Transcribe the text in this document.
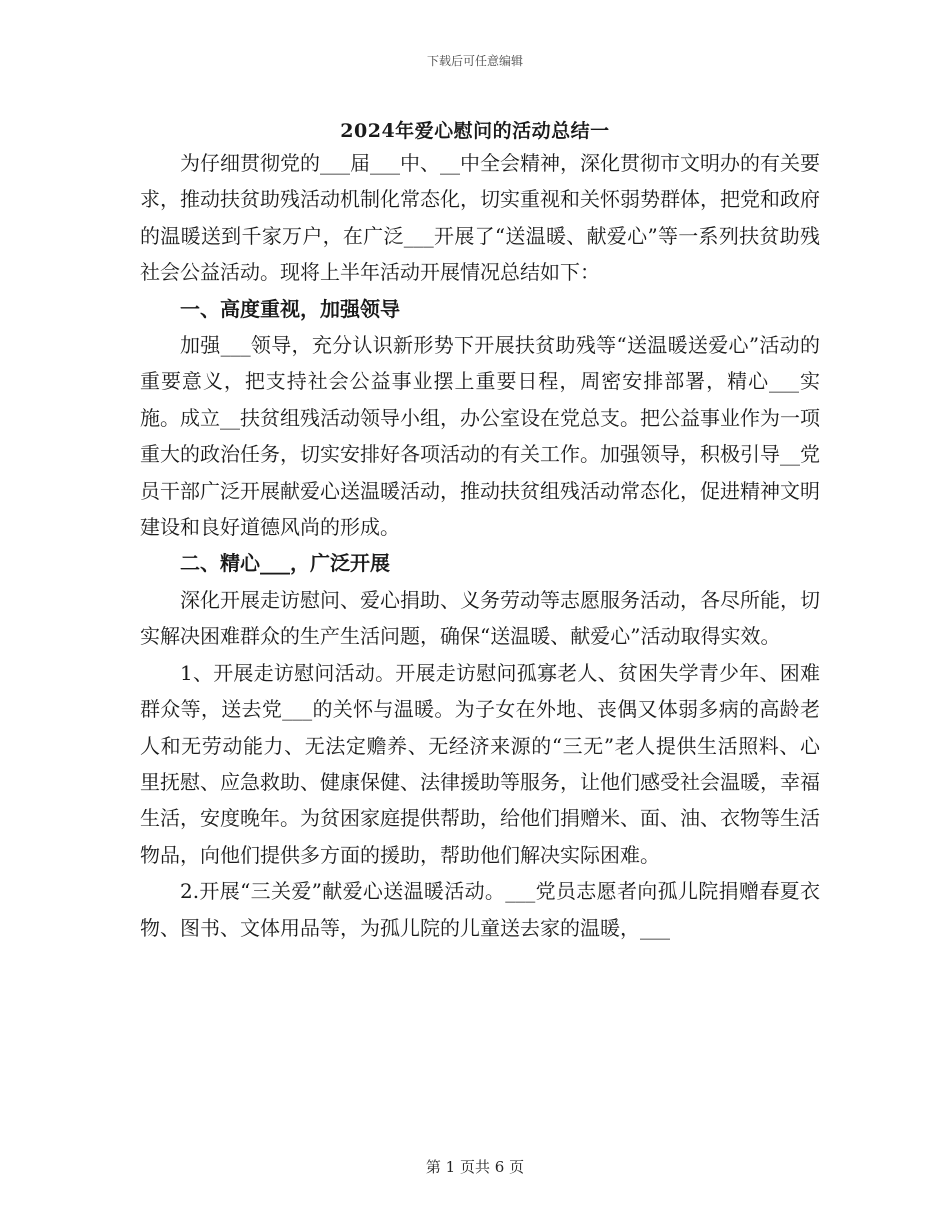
下载后可任意编辑
2024年爱心慰问的活动总结一

为仔细贯彻党的___届___中、__中全会精神，深化贯彻市文明办的有关要求，推动扶贫助残活动机制化常态化，切实重视和关怀弱势群体，把党和政府的温暖送到千家万户，在广泛___开展了“送温暖、献爱心”等一系列扶贫助残社会公益活动。现将上半年活动开展情况总结如下：

一、高度重视，加强领导

加强___领导，充分认识新形势下开展扶贫助残等“送温暖送爱心”活动的重要意义，把支持社会公益事业摆上重要日程，周密安排部署，精心___实施。成立__扶贫组残活动领导小组，办公室设在党总支。把公益事业作为一项重大的政治任务，切实安排好各项活动的有关工作。加强领导，积极引导__党员干部广泛开展献爱心送温暖活动，推动扶贫组残活动常态化，促进精神文明建设和良好道德风尚的形成。

二、精心___，广泛开展

深化开展走访慰问、爱心捐助、义务劳动等志愿服务活动，各尽所能，切实解决困难群众的生产生活问题，确保“送温暖、献爱心”活动取得实效。

1、开展走访慰问活动。开展走访慰问孤寡老人、贫困失学青少年、困难群众等，送去党___的关怀与温暖。为子女在外地、丧偶又体弱多病的高龄老人和无劳动能力、无法定赡养、无经济来源的“三无”老人提供生活照料、心里抚慰、应急救助、健康保健、法律援助等服务，让他们感受社会温暖，幸福生活，安度晚年。为贫困家庭提供帮助，给他们捐赠米、面、油、衣物等生活物品，向他们提供多方面的援助，帮助他们解决实际困难。

2.开展“三关爱”献爱心送温暖活动。___党员志愿者向孤儿院捐赠春夏衣物、图书、文体用品等，为孤儿院的儿童送去家的温暖，___

第 1 页共 6 页
